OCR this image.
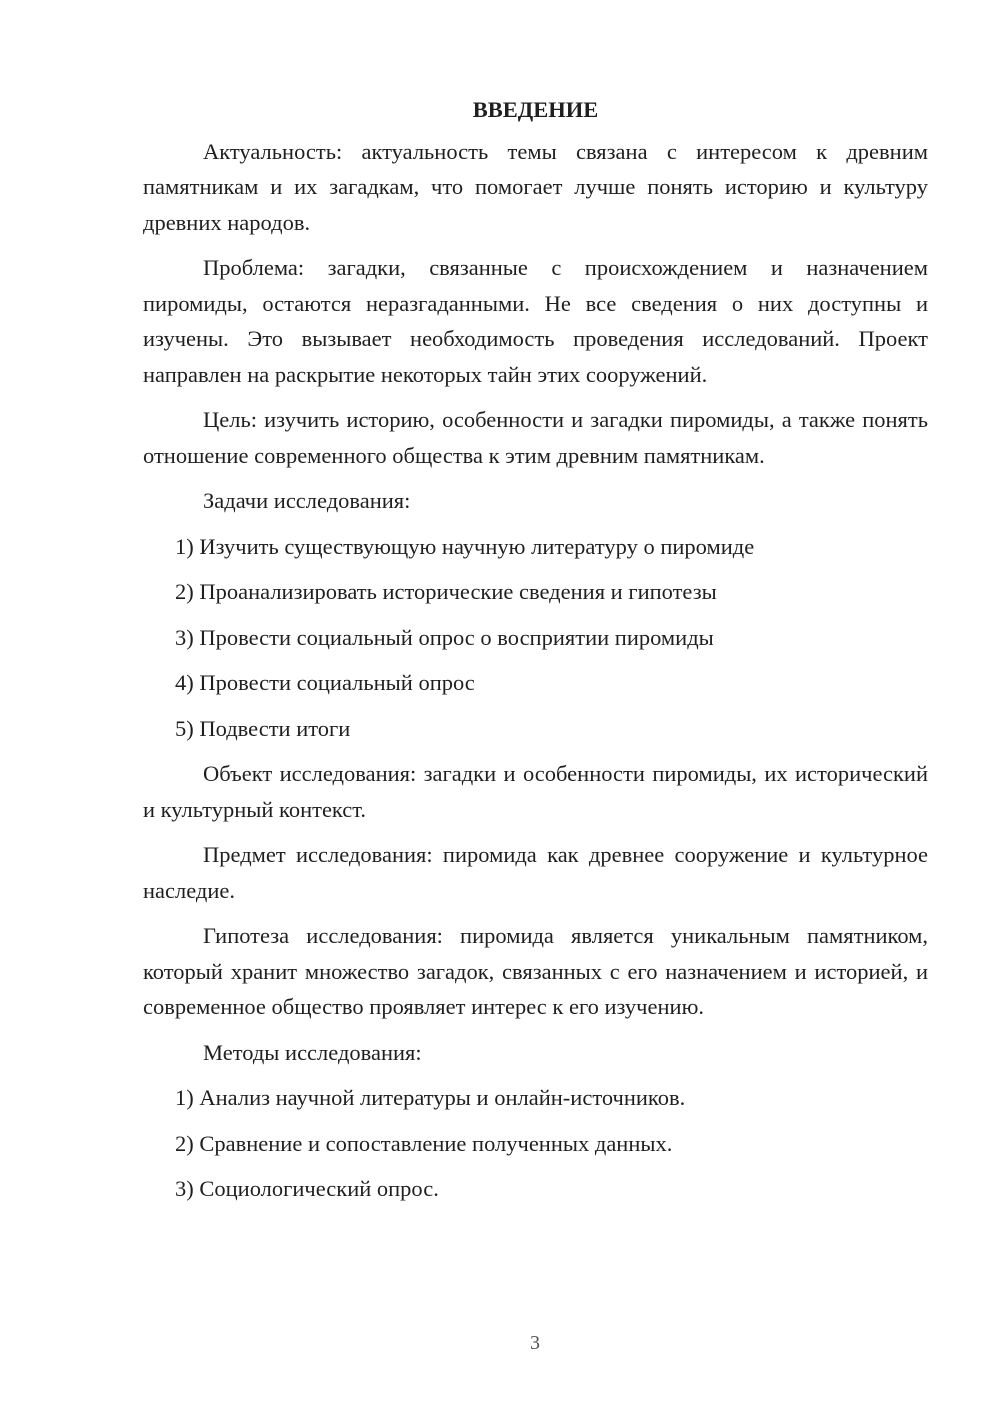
ВВЕДЕНИЕ

Актуальность: актуальность темы связана с интересом к древним памятникам и их загадкам, что помогает лучше понять историю и культуру древних народов.

Проблема: загадки, связанные с происхождением и назначением пиромиды, остаются неразгаданными. Не все сведения о них доступны и изучены. Это вызывает необходимость проведения исследований. Проект направлен на раскрытие некоторых тайн этих сооружений.

Цель: изучить историю, особенности и загадки пиромиды, а также понять отношение современного общества к этим древним памятникам.

Задачи исследования:

1) Изучить существующую научную литературу о пиромиде
2) Проанализировать исторические сведения и гипотезы
3) Провести социальный опрос о восприятии пиромиды
4) Провести социальный опрос
5) Подвести итоги

Объект исследования: загадки и особенности пиромиды, их исторический и культурный контекст.

Предмет исследования: пиромида как древнее сооружение и культурное наследие.

Гипотеза исследования: пиромида является уникальным памятником, который хранит множество загадок, связанных с его назначением и историей, и современное общество проявляет интерес к его изучению.

Методы исследования:

1) Анализ научной литературы и онлайн-источников.
2) Сравнение и сопоставление полученных данных.
3) Социологический опрос.
3
